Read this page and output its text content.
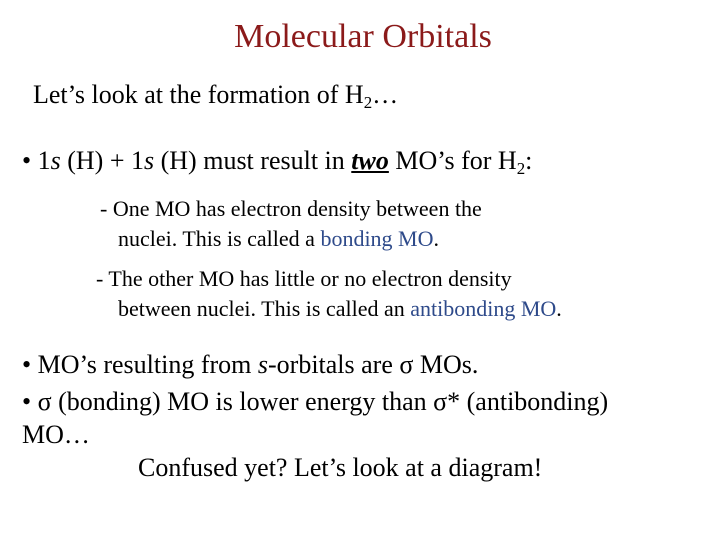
Molecular Orbitals
Let’s look at the formation of $H_2\dots$
• 1s (H) + 1s (H) must result in two MO’s for $H_2$:
- One MO has electron density between the
nuclei. This is called a bonding MO.
- The other MO has little or no electron density
between nuclei. This is called an antibonding MO.
• MO’s resulting from s-orbitals are σ MOs.
• σ (bonding) MO is lower energy than σ* (antibonding)
MO…
Confused yet? Let’s look at a diagram!
